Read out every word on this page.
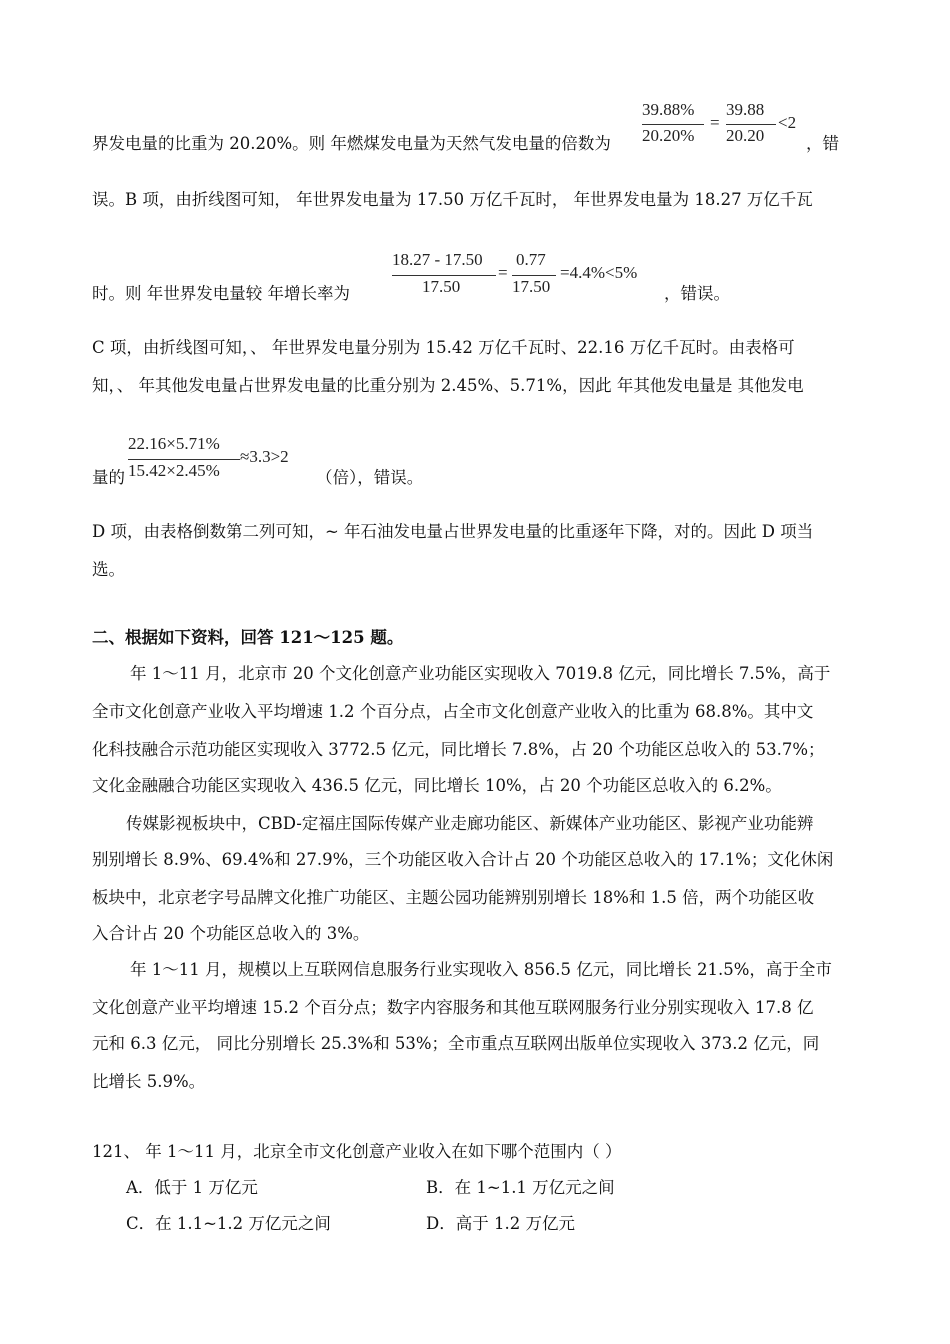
界发电量的比重为 20.20%。则 年燃煤发电量为天然气发电量的倍数为
39.88%
20.20%
=
39.88
20.20
<2
，错
误。B 项，由折线图可知， 年世界发电量为 17.50 万亿千瓦时， 年世界发电量为 18.27 万亿千瓦
时。则 年世界发电量较 年增长率为
18.27 - 17.50
17.50
=
0.77
17.50
=4.4%<5%
，错误。
C 项，由折线图可知，、 年世界发电量分别为 15.42 万亿千瓦时、22.16 万亿千瓦时。由表格可
知，、 年其他发电量占世界发电量的比重分别为 2.45%、5.71%，因此 年其他发电量是 其他发电
量的
22.16×5.71%
15.42×2.45%
≈3.3>2
（倍），错误。
D 项，由表格倒数第二列可知，~ 年石油发电量占世界发电量的比重逐年下降，对的。因此 D 项当
选。
二、根据如下资料，回答 121～125 题。
年 1～11 月，北京市 20 个文化创意产业功能区实现收入 7019.8 亿元，同比增长 7.5%，高于
全市文化创意产业收入平均增速 1.2 个百分点，占全市文化创意产业收入的比重为 68.8%。其中文
化科技融合示范功能区实现收入 3772.5 亿元，同比增长 7.8%，占 20 个功能区总收入的 53.7%；
文化金融融合功能区实现收入 436.5 亿元，同比增长 10%，占 20 个功能区总收入的 6.2%。
传媒影视板块中，CBD-定福庄国际传媒产业走廊功能区、新媒体产业功能区、影视产业功能辨
别别增长 8.9%、69.4%和 27.9%，三个功能区收入合计占 20 个功能区总收入的 17.1%；文化休闲
板块中，北京老字号品牌文化推广功能区、主题公园功能辨别别增长 18%和 1.5 倍，两个功能区收
入合计占 20 个功能区总收入的 3%。
年 1～11 月，规模以上互联网信息服务行业实现收入 856.5 亿元，同比增长 21.5%，高于全市
文化创意产业平均增速 15.2 个百分点；数字内容服务和其他互联网服务行业分别实现收入 17.8 亿
元和 6.3 亿元， 同比分别增长 25.3%和 53%；全市重点互联网出版单位实现收入 373.2 亿元，同
比增长 5.9%。
121、 年 1～11 月，北京全市文化创意产业收入在如下哪个范围内（ ）
A．低于 1 万亿元	B．在 1~1.1 万亿元之间
C．在 1.1~1.2 万亿元之间	D．高于 1.2 万亿元
